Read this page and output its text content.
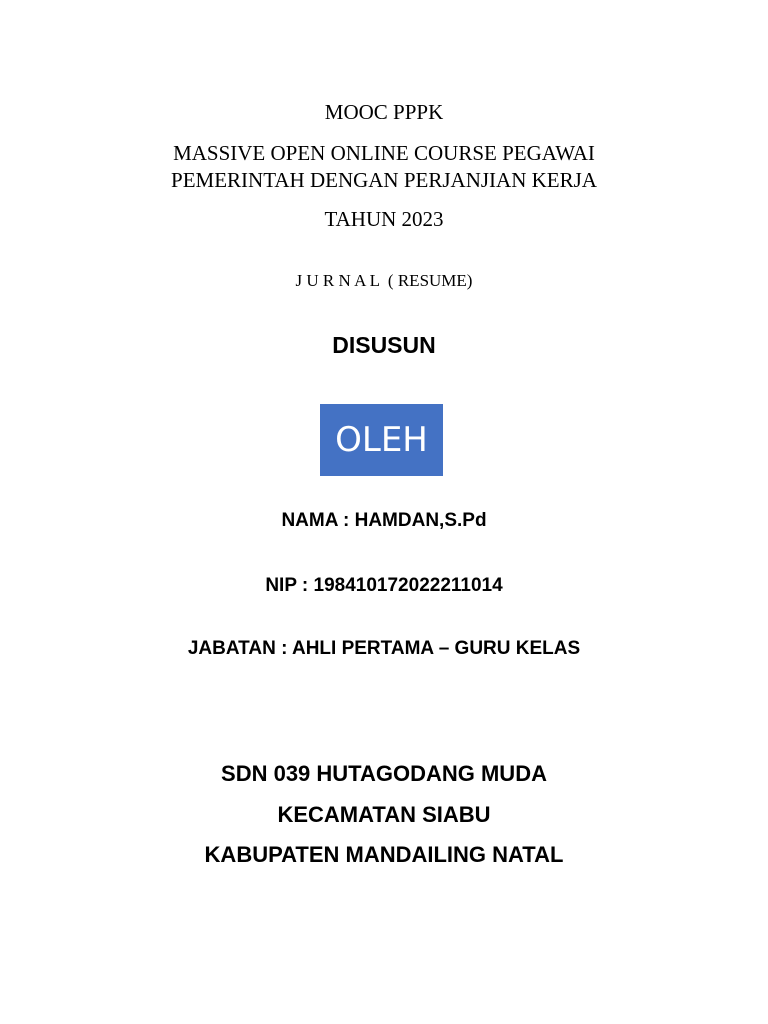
MOOC PPPK
MASSIVE OPEN ONLINE COURSE PEGAWAI
PEMERINTAH DENGAN PERJANJIAN KERJA
TAHUN 2023
J U R N A L  ( RESUME)
DISUSUN
OLEH
NAMA : HAMDAN,S.Pd
NIP : 198410172022211014
JABATAN : AHLI PERTAMA – GURU KELAS
SDN 039 HUTAGODANG MUDA
KECAMATAN SIABU
KABUPATEN MANDAILING NATAL
